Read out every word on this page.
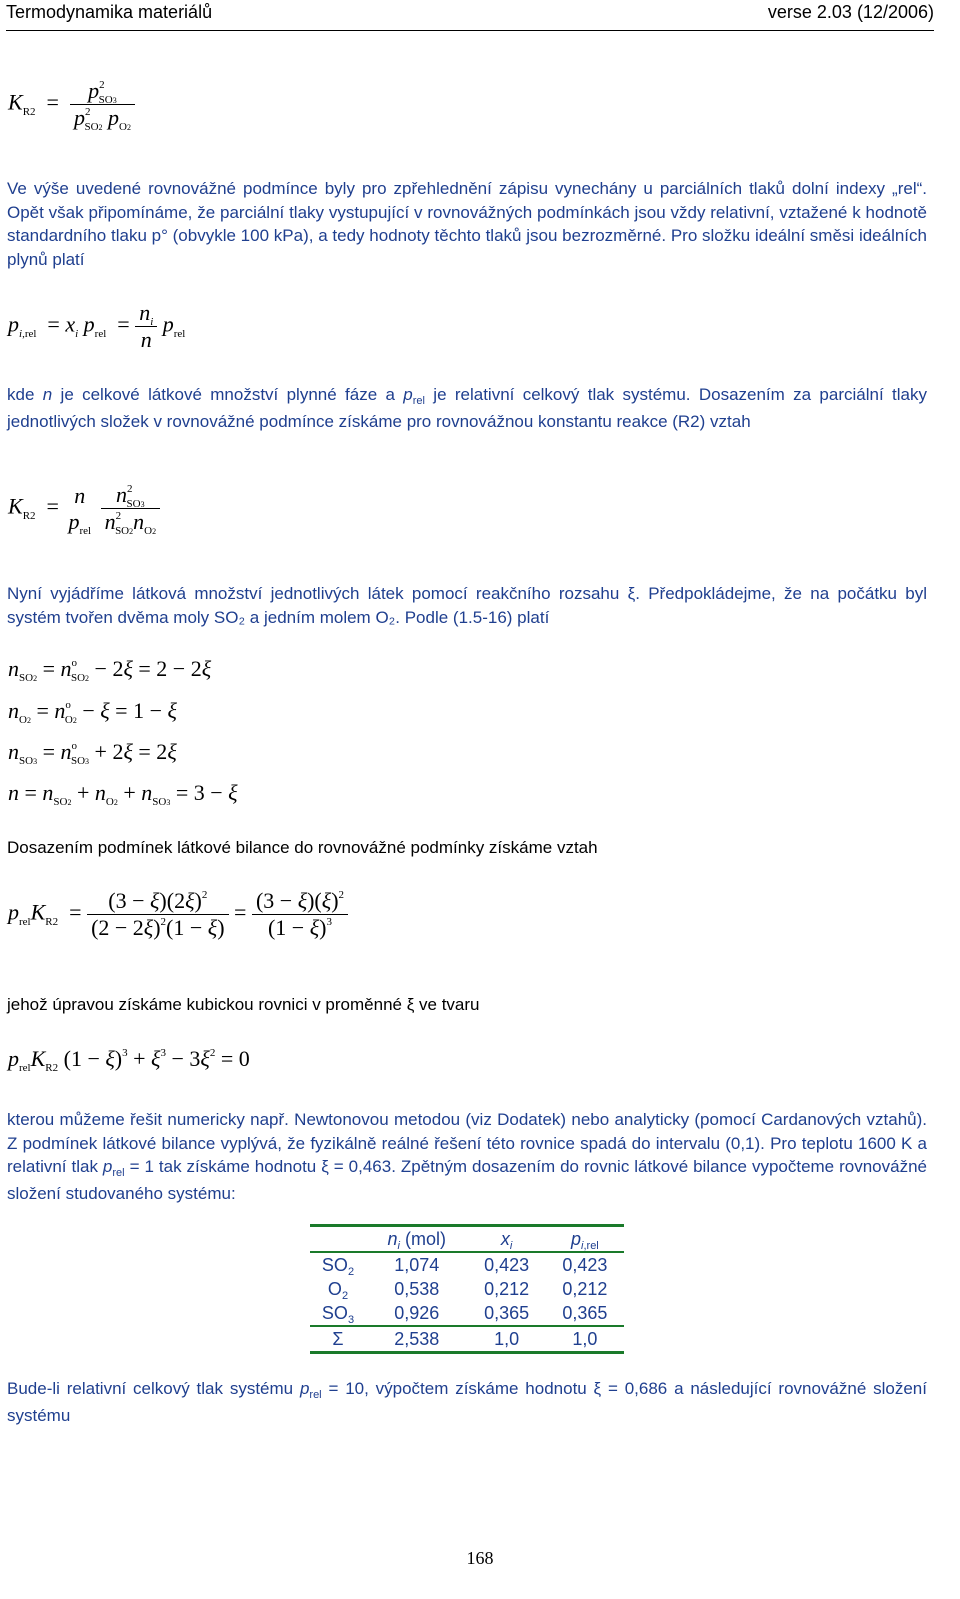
Termodynamika materiálů	verse 2.03 (12/2006)
$K_{R2} = \frac{p^2_{SO3}}{p^2_{SO2} p_{O2}}$
Ve výše uvedené rovnovážné podmínce byly pro zpřehlednění zápisu vynechány u parciálních tlaků dolní indexy „rel“. Opět však připomínáme, že parciální tlaky vystupující v rovnovážných podmínkách jsou vždy relativní, vztažené k hodnotě standardního tlaku p° (obvykle 100 kPa), a tedy hodnoty těchto tlaků jsou bezrozměrné. Pro složku ideální směsi ideálních plynů platí
$p_{i,rel} = x_i$ $p_{rel} = \frac{n_i}{n} p_{rel}$
kde n je celkové látkové množství plynné fáze a $p_{rel}$ je relativní celkový tlak systému. Dosazením za parciální tlaky jednotlivých složek v rovnovážné podmínce získáme pro rovnovážnou konstantu reakce (R2) vztah
$K_{R2} = n$
$p_{rel}$
$\frac{n^2_{SO3}}{n^2_{SO2}n_{O2}}$
Nyní vyjádříme látková množství jednotlivých látek pomocí reakčního rozsahu ξ. Předpokládejme, že na počátku byl systém tvořen dvěma moly SO₂ a jedním molem O₂. Podle (1.5-16) platí
$n_{SO2} = n^o_{SO2} - 2\xi = 2 - 2\xi$
$n_{O2} = n^o_{O2} - \xi = 1 - \xi$
$n_{SO3} = n^o_{SO3} + 2\xi = 2\xi$
$n = n_{SO2} + n_{O2} + n_{SO3} = 3 - \xi$
Dosazením podmínek látkové bilance do rovnovážné podmínky získáme vztah
$p_{rel}K_{R2} = \frac{(3 - \xi)(2\xi)^2}{(2 - 2\xi)^2(1 - \xi)} = \frac{(3 - \xi)(\xi)^2}{(1 - \xi)^3}$
jehož úpravou získáme kubickou rovnici v proměnné ξ ve tvaru
$p_{rel}K_{R2}$ $(1 - \xi)^3 + \xi^3 - 3\xi^2 = 0$
kterou můžeme řešit numericky např. Newtonovou metodou (viz Dodatek) nebo analyticky (pomocí Cardanových vztahů). Z podmínek látkové bilance vyplývá, že fyzikálně reálné řešení této rovnice spadá do intervalu (0,1). Pro teplotu 1600 K a relativní tlak $p_{rel} = 1$ tak získáme hodnotu ξ = 0,463. Zpětným dosazením do rovnic látkové bilance vypočteme rovnovážné složení studovaného systému:
	$n_i$ (mol)	$x_i$	$p_{i,rel}$
$SO_2$	1,074	0,423	0,423
$O_2$	0,538	0,212	0,212
$SO_3$	0,926	0,365	0,365
Σ	2,538	1,0	1,0
Bude-li relativní celkový tlak systému $p_{rel} = 10$, výpočtem získáme hodnotu ξ = 0,686 a následující rovnovážné složení systému
168
